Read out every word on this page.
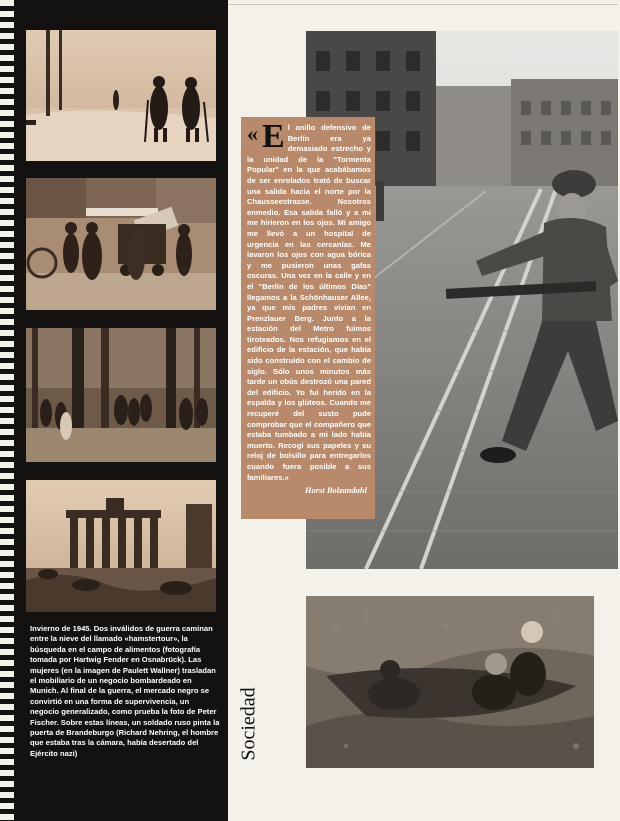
Invierno de 1945. Dos inválidos de guerra caminan entre la nieve del llamado «hamstertour», la búsqueda en el campo de alimentos (fotografía tomada por Hartwig Fender en Osnabrück). Las mujeres (en la imagen de Paulett Wallner) trasladan el mobiliario de un negocio bombardeado en Munich. Al final de la guerra, el mercado negro se convirtió en una forma de supervivencia, un negocio generalizado, como prueba la foto de Peter Fischer. Sobre estas líneas, un soldado ruso pinta la puerta de Brandeburgo (Richard Nehring, el hombre que estaba tras la cámara, había desertado del Ejército nazi)

« E l anillo defensivo de Berlín era ya demasiado estrecho y la unidad de la "Tormenta Popular" en la que acabábamos de ser enrolados trató de buscar una salida hacia el norte por la Chausseestrasse. Nosotros enmedio. Esa salida falló y a mi me hirieron en los ojos. Mi amigo me llevó a un hospital de urgencia en las cercanías. Me lavaron los ojos con agua bórica y me pusieron unas gafas oscuras. Una vez en la calle y en el "Berlín de los últimos Días" llegamos a la Schönhauser Allee, ya que mis padres vivían en Prenzlauer Berg. Junto a la estación del Metro fuimos tiroteados. Nos refugiamos en el edificio de la estación, que había sido construido con el cambio de siglo. Sólo unos minutos más tarde un obús destrozó una pared del edificio. Yo fui herido en la espalda y los glúteos. Cuando me recuperé del susto pude comprobar que el compañero que estaba tumbado a mi lado había muerto. Recogí sus papeles y su reloj de bolsillo para entregarlos cuando fuera posible a sus familiares.»

Horst Bolzandahl

Sociedad
